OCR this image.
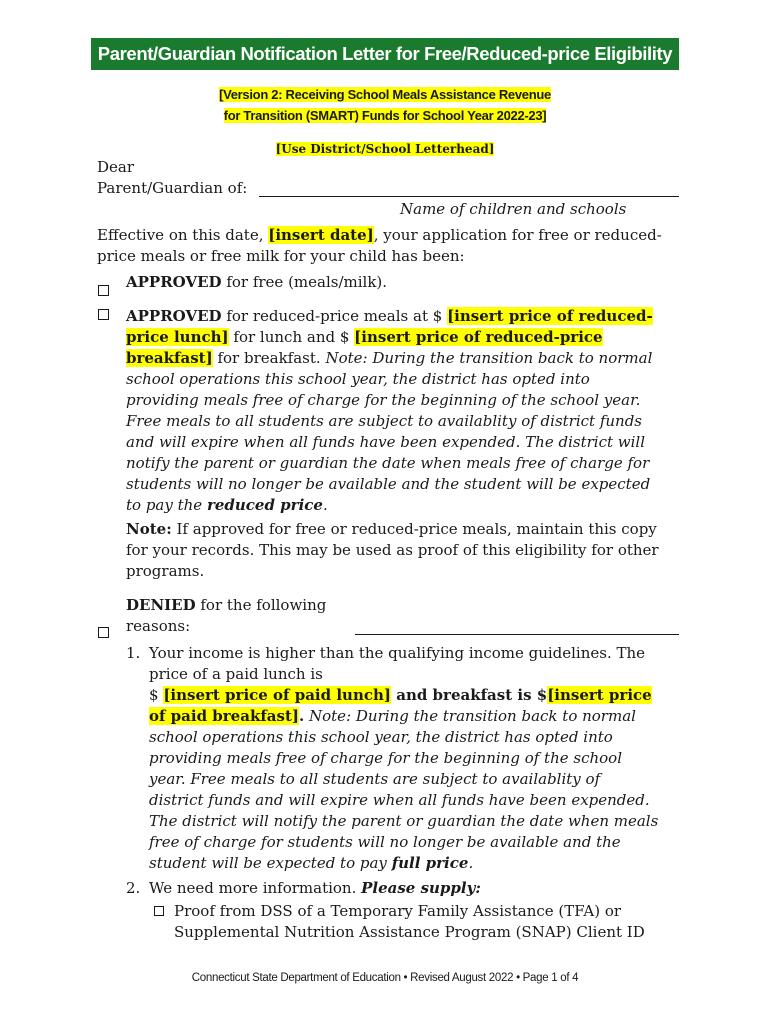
Parent/Guardian Notification Letter for Free/Reduced-price Eligibility
[Version 2: Receiving School Meals Assistance Revenue
for Transition (SMART) Funds for School Year 2022-23]
[Use District/School Letterhead]
Dear
Parent/Guardian of:
Name of children and schools
Effective on this date, [insert date], your application for free or reduced-price meals or free milk for your child has been:
APPROVED for free (meals/milk).
APPROVED for reduced-price meals at $ [insert price of reduced-price lunch] for lunch and $ [insert price of reduced-price breakfast] for breakfast. Note: During the transition back to normal school operations this school year, the district has opted into providing meals free of charge for the beginning of the school year. Free meals to all students are subject to availablity of district funds and will expire when all funds have been expended. The district will notify the parent or guardian the date when meals free of charge for students will no longer be available and the student will be expected to pay the reduced price.
Note: If approved for free or reduced-price meals, maintain this copy for your records. This may be used as proof of this eligibility for other programs.
DENIED for the following
reasons:
1. Your income is higher than the qualifying income guidelines. The price of a paid lunch is
$ [insert price of paid lunch] and breakfast is $[insert price of paid breakfast]. Note: During the transition back to normal school operations this school year, the district has opted into providing meals free of charge for the beginning of the school year. Free meals to all students are subject to availablity of district funds and will expire when all funds have been expended. The district will notify the parent or guardian the date when meals free of charge for students will no longer be available and the student will be expected to pay full price.
2. We need more information. Please supply:
Proof from DSS of a Temporary Family Assistance (TFA) or Supplemental Nutrition Assistance Program (SNAP) Client ID
Connecticut State Department of Education • Revised August 2022 • Page 1 of 4
